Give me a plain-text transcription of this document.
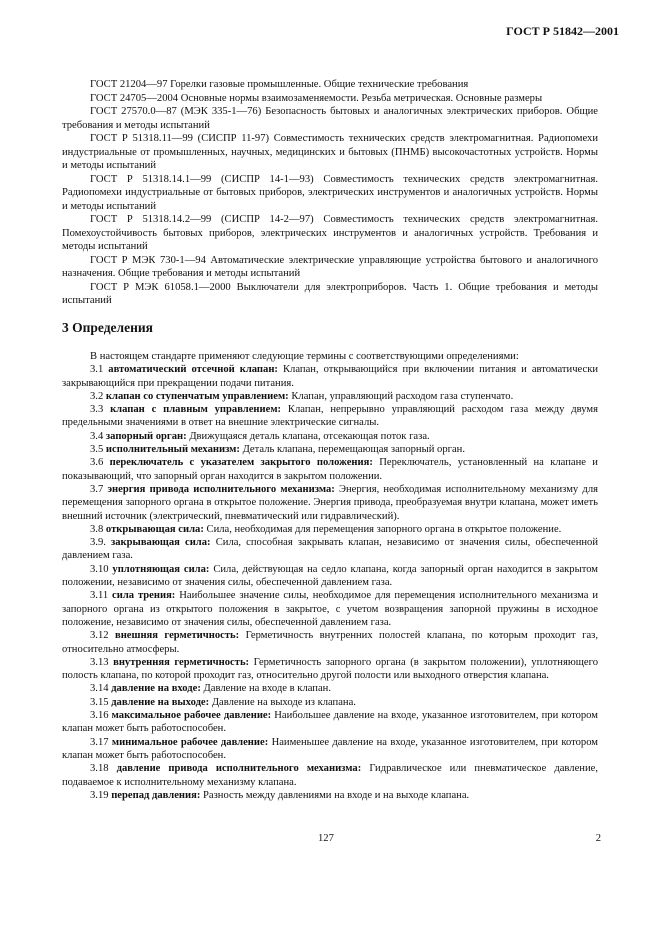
ГОСТ Р 51842—2001

ГОСТ 21204—97 Горелки газовые промышленные. Общие технические требования

ГОСТ 24705—2004 Основные нормы взаимозаменяемости. Резьба метрическая. Основные размеры

ГОСТ 27570.0—87 (МЭК 335-1—76) Безопасность бытовых и аналогичных электрических приборов. Общие требования и методы испытаний

ГОСТ Р 51318.11—99 (СИСПР 11-97) Совместимость технических средств электромагнитная. Радиопомехи индустриальные от промышленных, научных, медицинских и бытовых (ПНМБ) высокочастотных устройств. Нормы и методы испытаний

ГОСТ Р 51318.14.1—99 (СИСПР 14-1—93) Совместимость технических средств электромагнитная. Радиопомехи индустриальные от бытовых приборов, электрических инструментов и аналогичных устройств. Нормы и методы испытаний

ГОСТ Р 51318.14.2—99 (СИСПР 14-2—97) Совместимость технических средств электромагнитная. Помехоустойчивость бытовых приборов, электрических инструментов и аналогичных устройств. Требования и методы испытаний

ГОСТ Р МЭК 730-1—94 Автоматические электрические управляющие устройства бытового и аналогичного назначения. Общие требования и методы испытаний

ГОСТ Р МЭК 61058.1—2000 Выключатели для электроприборов. Часть 1. Общие требования и методы испытаний

3 Определения

В настоящем стандарте применяют следующие термины с соответствующими определениями:

3.1 автоматический отсечной клапан: Клапан, открывающийся при включении питания и автоматически закрывающийся при прекращении подачи питания.

3.2 клапан со ступенчатым управлением: Клапан, управляющий расходом газа ступенчато.

3.3 клапан с плавным управлением: Клапан, непрерывно управляющий расходом газа между двумя предельными значениями в ответ на внешние электрические сигналы.

3.4 запорный орган: Движущаяся деталь клапана, отсекающая поток газа.

3.5 исполнительный механизм: Деталь клапана, перемещающая запорный орган.

3.6 переключатель с указателем закрытого положения: Переключатель, установленный на клапане и показывающий, что запорный орган находится в закрытом положении.

3.7 энергия привода исполнительного механизма: Энергия, необходимая исполнительному механизму для перемещения запорного органа в открытое положение. Энергия привода, преобразуемая внутри клапана, может иметь внешний источник (электрический, пневматический или гидравлический).

3.8 открывающая сила: Сила, необходимая для перемещения запорного органа в открытое положение.

3.9. закрывающая сила: Сила, способная закрывать клапан, независимо от значения силы, обеспеченной давлением газа.

3.10 уплотняющая сила: Сила, действующая на седло клапана, когда запорный орган находится в закрытом положении, независимо от значения силы, обеспеченной давлением газа.

3.11 сила трения: Наибольшее значение силы, необходимое для перемещения исполнительного механизма и запорного органа из открытого положения в закрытое, с учетом возвращения запорной пружины в исходное положение, независимо от значения силы, обеспеченной давлением газа.

3.12 внешняя герметичность: Герметичность внутренних полостей клапана, по которым проходит газ, относительно атмосферы.

3.13 внутренняя герметичность: Герметичность запорного органа (в закрытом положении), уплотняющего полость клапана, по которой проходит газ, относительно другой полости или выходного отверстия клапана.

3.14 давление на входе: Давление на входе в клапан.

3.15 давление на выходе: Давление на выходе из клапана.

3.16 максимальное рабочее давление: Наибольшее давление на входе, указанное изготовителем, при котором клапан может быть работоспособен.

3.17 минимальное рабочее давление: Наименьшее давление на входе, указанное изготовителем, при котором клапан может быть работоспособен.

3.18 давление привода исполнительного механизма: Гидравлическое или пневматическое давление, подаваемое к исполнительному механизму клапана.

3.19 перепад давления: Разность между давлениями на входе и на выходе клапана.

127	2
